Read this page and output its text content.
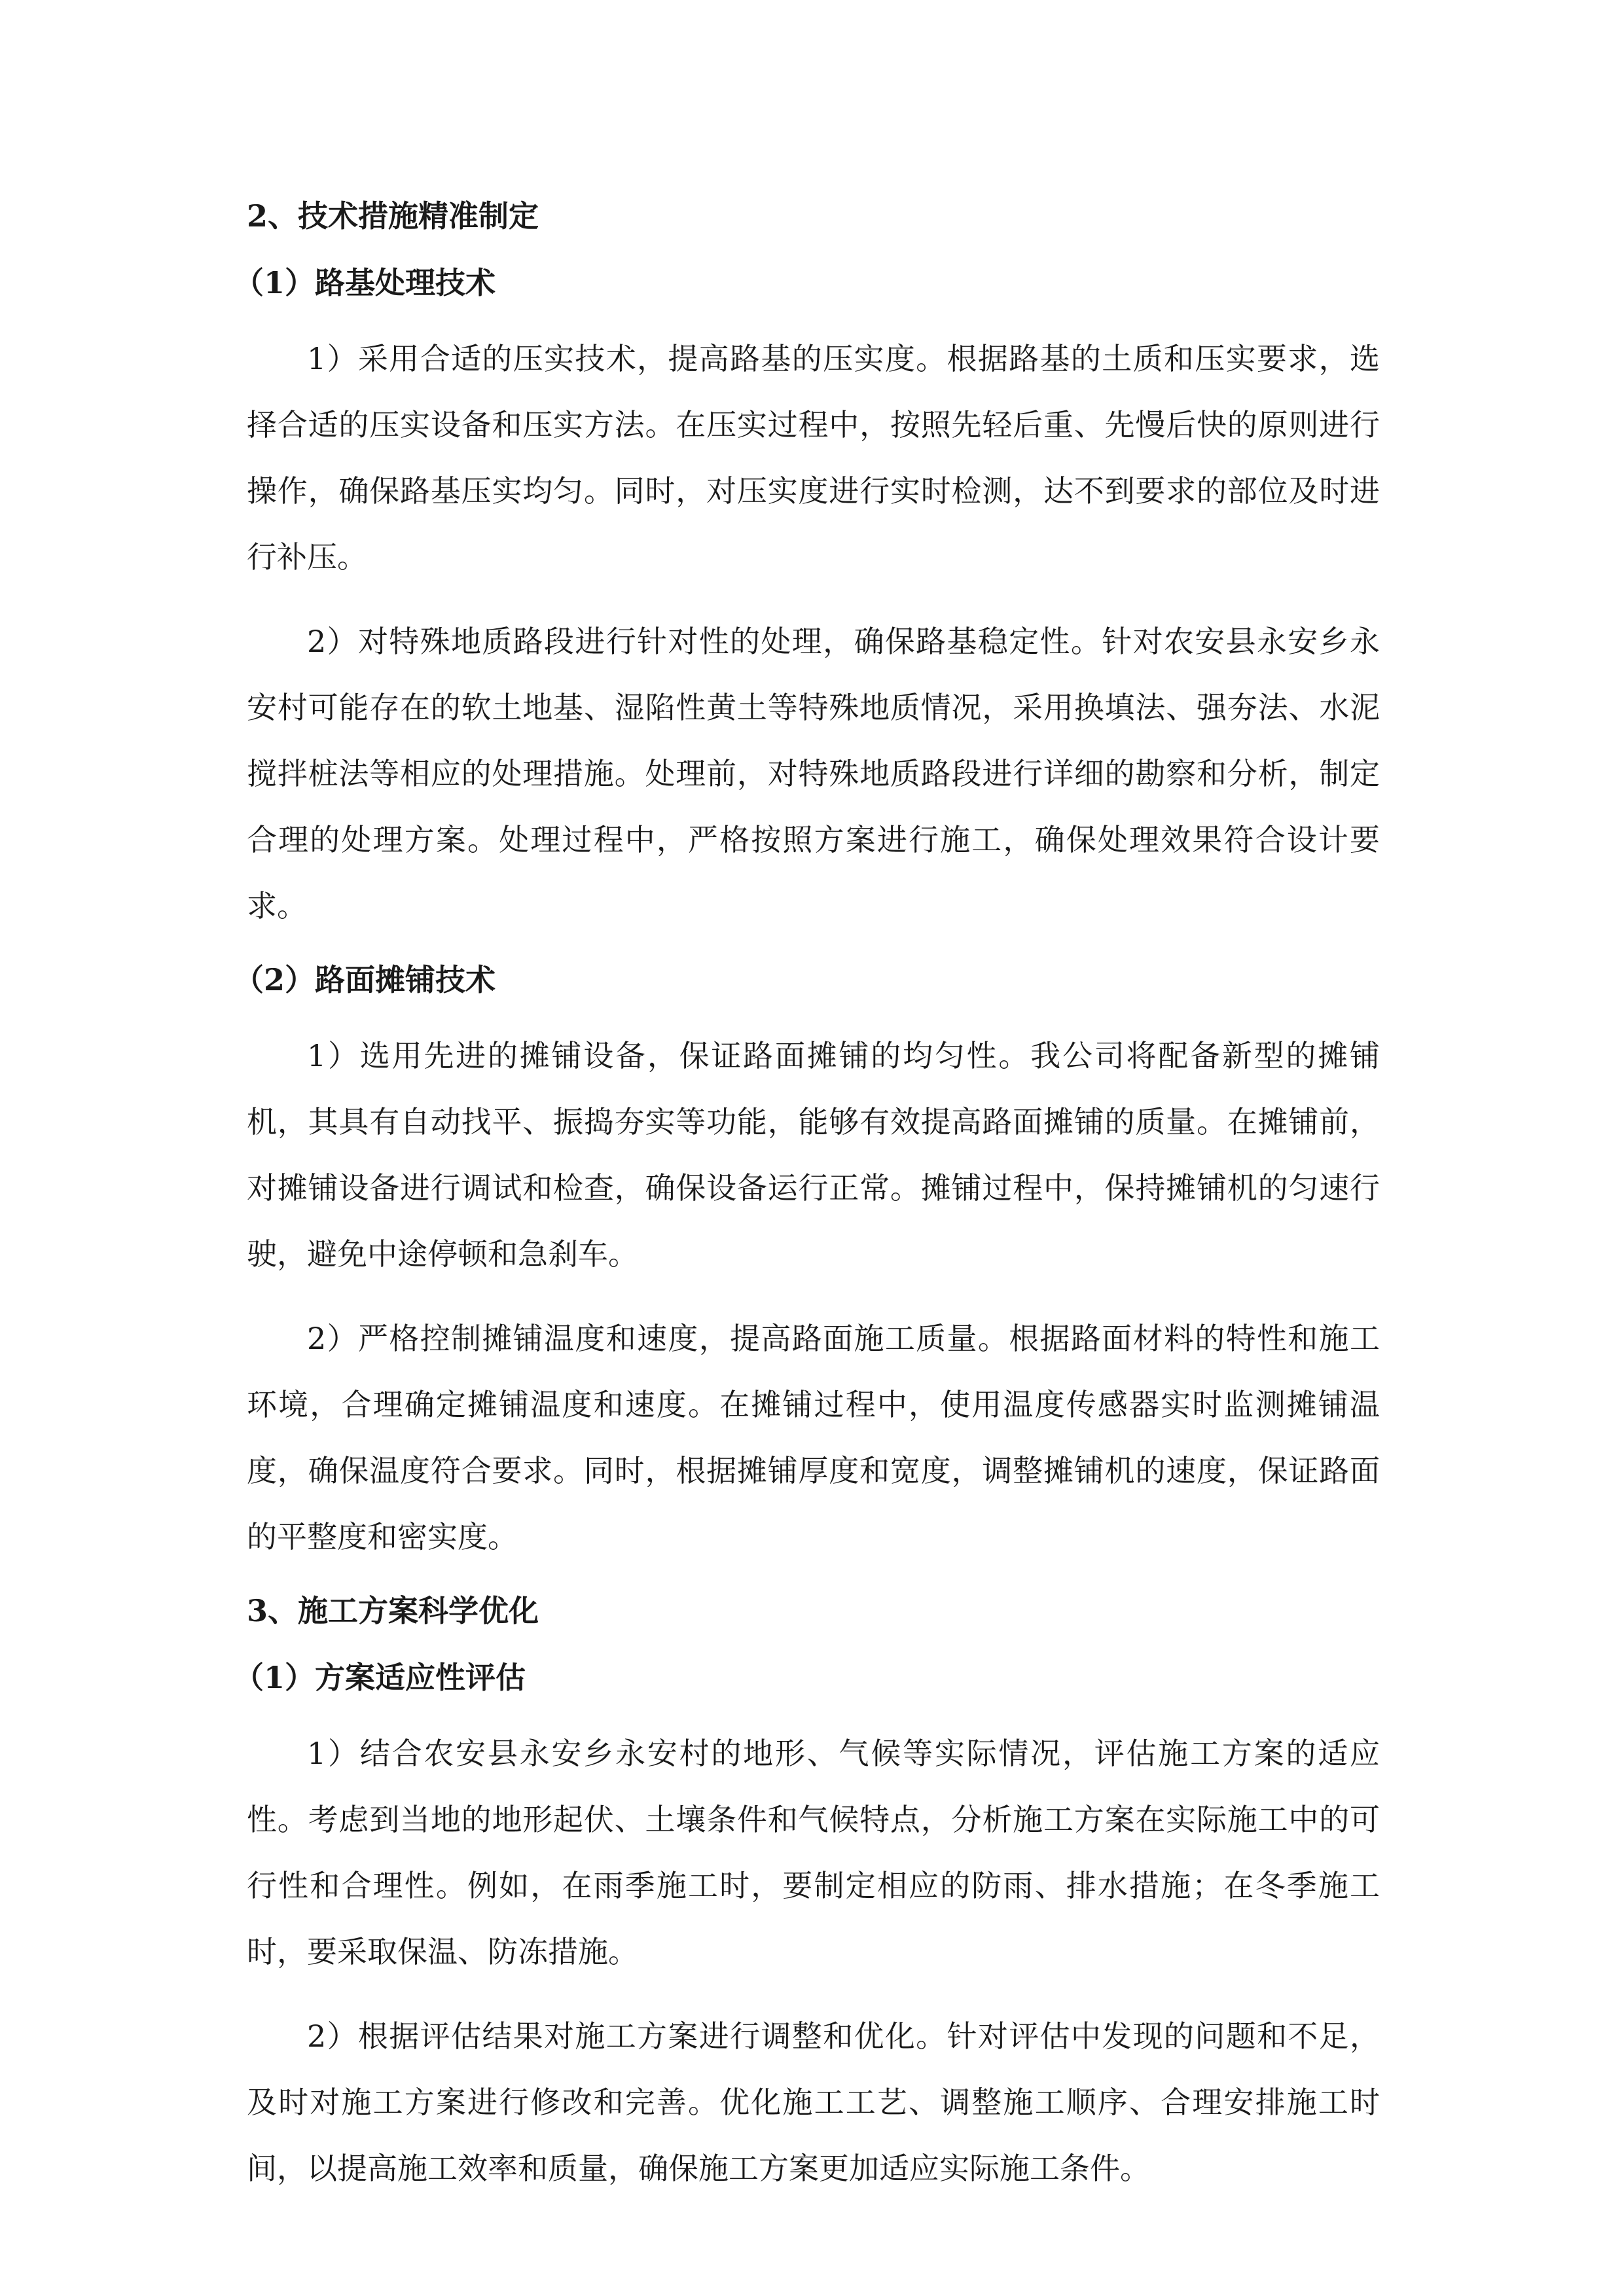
2、技术措施精准制定
（1）路基处理技术

1）采用合适的压实技术，提高路基的压实度。根据路基的土质和压实要求，选择合适的压实设备和压实方法。在压实过程中，按照先轻后重、先慢后快的原则进行操作，确保路基压实均匀。同时，对压实度进行实时检测，达不到要求的部位及时进行补压。

2）对特殊地质路段进行针对性的处理，确保路基稳定性。针对农安县永安乡永安村可能存在的软土地基、湿陷性黄土等特殊地质情况，采用换填法、强夯法、水泥搅拌桩法等相应的处理措施。处理前，对特殊地质路段进行详细的勘察和分析，制定合理的处理方案。处理过程中，严格按照方案进行施工，确保处理效果符合设计要求。

（2）路面摊铺技术

1）选用先进的摊铺设备，保证路面摊铺的均匀性。我公司将配备新型的摊铺机，其具有自动找平、振捣夯实等功能，能够有效提高路面摊铺的质量。在摊铺前，对摊铺设备进行调试和检查，确保设备运行正常。摊铺过程中，保持摊铺机的匀速行驶，避免中途停顿和急刹车。

2）严格控制摊铺温度和速度，提高路面施工质量。根据路面材料的特性和施工环境，合理确定摊铺温度和速度。在摊铺过程中，使用温度传感器实时监测摊铺温度，确保温度符合要求。同时，根据摊铺厚度和宽度，调整摊铺机的速度，保证路面的平整度和密实度。

3、施工方案科学优化
（1）方案适应性评估

1）结合农安县永安乡永安村的地形、气候等实际情况，评估施工方案的适应性。考虑到当地的地形起伏、土壤条件和气候特点，分析施工方案在实际施工中的可行性和合理性。例如，在雨季施工时，要制定相应的防雨、排水措施；在冬季施工时，要采取保温、防冻措施。

2）根据评估结果对施工方案进行调整和优化。针对评估中发现的问题和不足，及时对施工方案进行修改和完善。优化施工工艺、调整施工顺序、合理安排施工时间，以提高施工效率和质量，确保施工方案更加适应实际施工条件。
